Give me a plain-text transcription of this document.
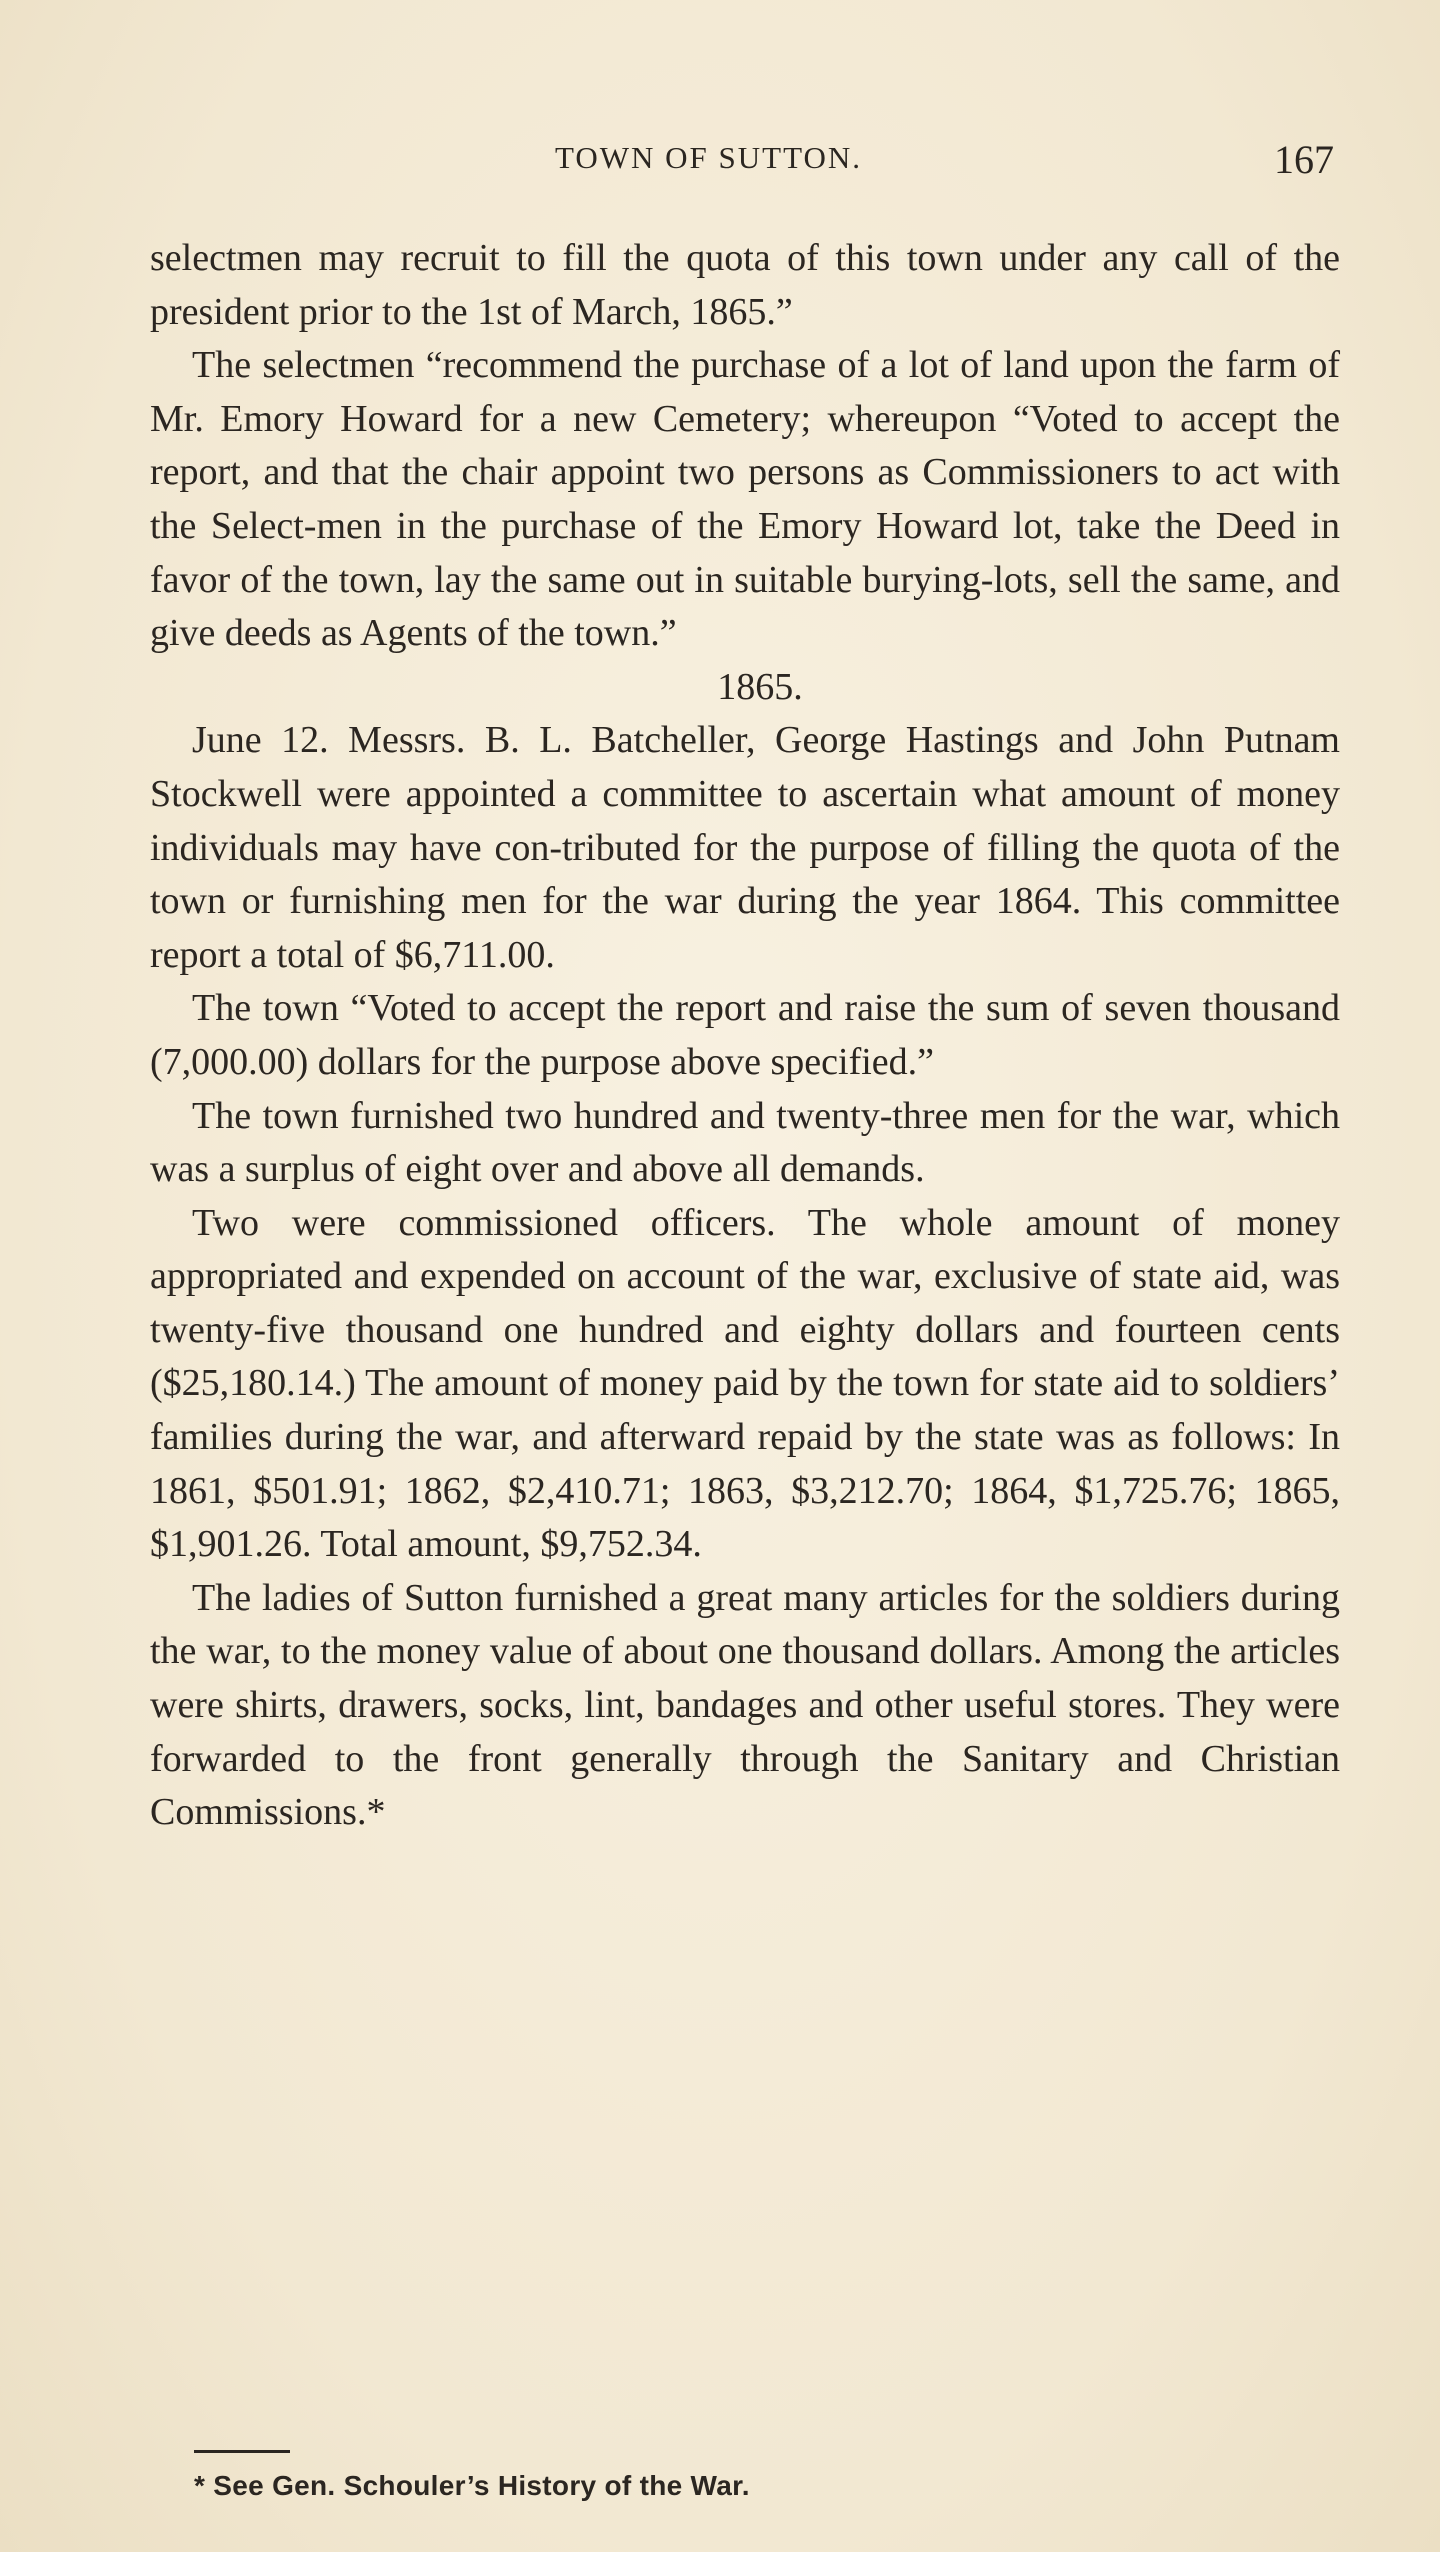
TOWN OF SUTTON.	167

selectmen may recruit to fill the quota of this town under any call of the president prior to the 1st of March, 1865.”

The selectmen “recommend the purchase of a lot of land upon the farm of Mr. Emory Howard for a new Cemetery; whereupon “Voted to accept the report, and that the chair appoint two persons as Commissioners to act with the Select-men in the purchase of the Emory Howard lot, take the Deed in favor of the town, lay the same out in suitable burying-lots, sell the same, and give deeds as Agents of the town.”

1865.

June 12. Messrs. B. L. Batcheller, George Hastings and John Putnam Stockwell were appointed a committee to ascertain what amount of money individuals may have con-tributed for the purpose of filling the quota of the town or furnishing men for the war during the year 1864. This committee report a total of $6,711.00.

The town “Voted to accept the report and raise the sum of seven thousand (7,000.00) dollars for the purpose above specified.”

The town furnished two hundred and twenty-three men for the war, which was a surplus of eight over and above all demands.

Two were commissioned officers. The whole amount of money appropriated and expended on account of the war, exclusive of state aid, was twenty-five thousand one hundred and eighty dollars and fourteen cents ($25,180.14.) The amount of money paid by the town for state aid to soldiers’ families during the war, and afterward repaid by the state was as follows: In 1861, $501.91; 1862, $2,410.71; 1863, $3,212.70; 1864, $1,725.76; 1865, $1,901.26. Total amount, $9,752.34.

The ladies of Sutton furnished a great many articles for the soldiers during the war, to the money value of about one thousand dollars. Among the articles were shirts, drawers, socks, lint, bandages and other useful stores. They were forwarded to the front generally through the Sanitary and Christian Commissions.*

* See Gen. Schouler’s History of the War.
